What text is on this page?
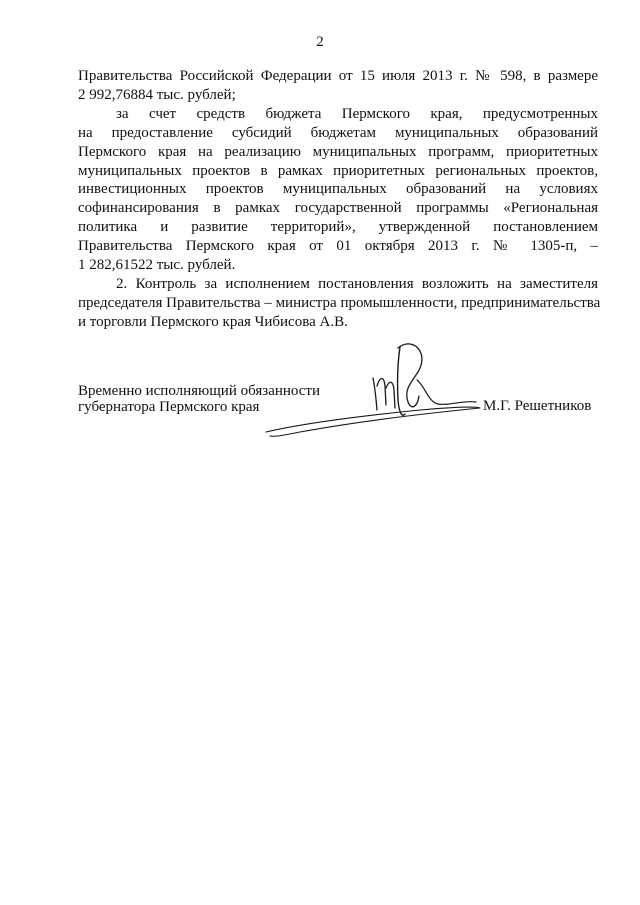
2

Правительства Российской Федерации от 15 июля 2013 г. № 598, в размере
2 992,76884 тыс. рублей;

за счет средств бюджета Пермского края, предусмотренных
на предоставление субсидий бюджетам муниципальных образований
Пермского края на реализацию муниципальных программ, приоритетных
муниципальных проектов в рамках приоритетных региональных проектов,
инвестиционных проектов муниципальных образований на условиях
софинансирования в рамках государственной программы «Региональная
политика и развитие территорий», утвержденной постановлением
Правительства Пермского края от 01 октября 2013 г. № 1305-п, –
1 282,61522 тыс. рублей.

2. Контроль за исполнением постановления возложить на заместителя
председателя Правительства – министра промышленности, предпринимательства
и торговли Пермского края Чибисова А.В.

Временно исполняющий обязанности
губернатора Пермского края	М.Г. Решетников
